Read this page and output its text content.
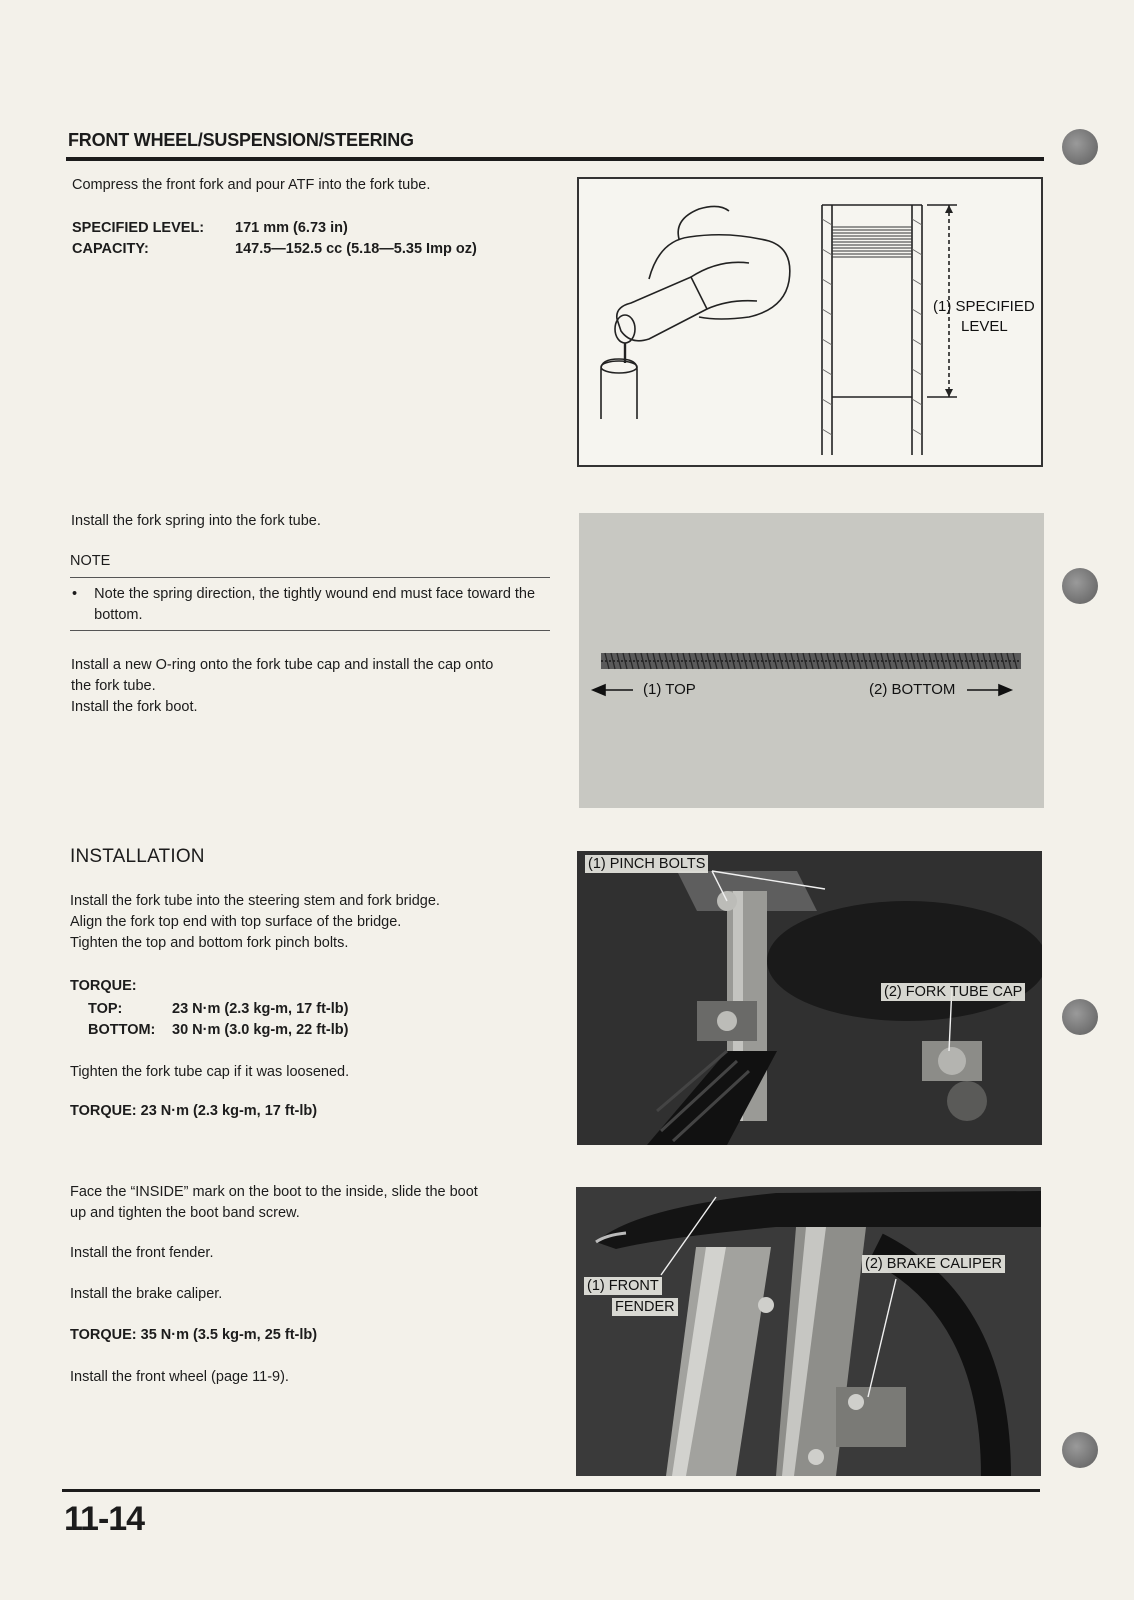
FRONT WHEEL/SUSPENSION/STEERING
Compress the front fork and pour ATF into the fork tube.
SPECIFIED LEVEL:	171 mm (6.73 in)
CAPACITY:	147.5—152.5 cc (5.18—5.35 Imp oz)
(1) SPECIFIED
LEVEL
Install the fork spring into the fork tube.
NOTE
•	Note the spring direction, the tightly wound end must face toward the bottom.
Install a new O-ring onto the fork tube cap and install the cap onto
the fork tube.
Install the fork boot.
(1) TOP	(2) BOTTOM
INSTALLATION
Install the fork tube into the steering stem and fork bridge.
Align the fork top end with top surface of the bridge.
Tighten the top and bottom fork pinch bolts.
TORQUE:
TOP:	23 N·m (2.3 kg-m, 17 ft-lb)
BOTTOM:	30 N·m (3.0 kg-m, 22 ft-lb)
Tighten the fork tube cap if it was loosened.
TORQUE: 23 N·m (2.3 kg-m, 17 ft-lb)
(1) PINCH BOLTS
(2) FORK TUBE CAP
Face the “INSIDE” mark on the boot to the inside, slide the boot
up and tighten the boot band screw.
Install the front fender.
Install the brake caliper.
TORQUE: 35 N·m (3.5 kg-m, 25 ft-lb)
Install the front wheel (page 11-9).
(1) FRONT
FENDER
(2) BRAKE CALIPER
11-14
